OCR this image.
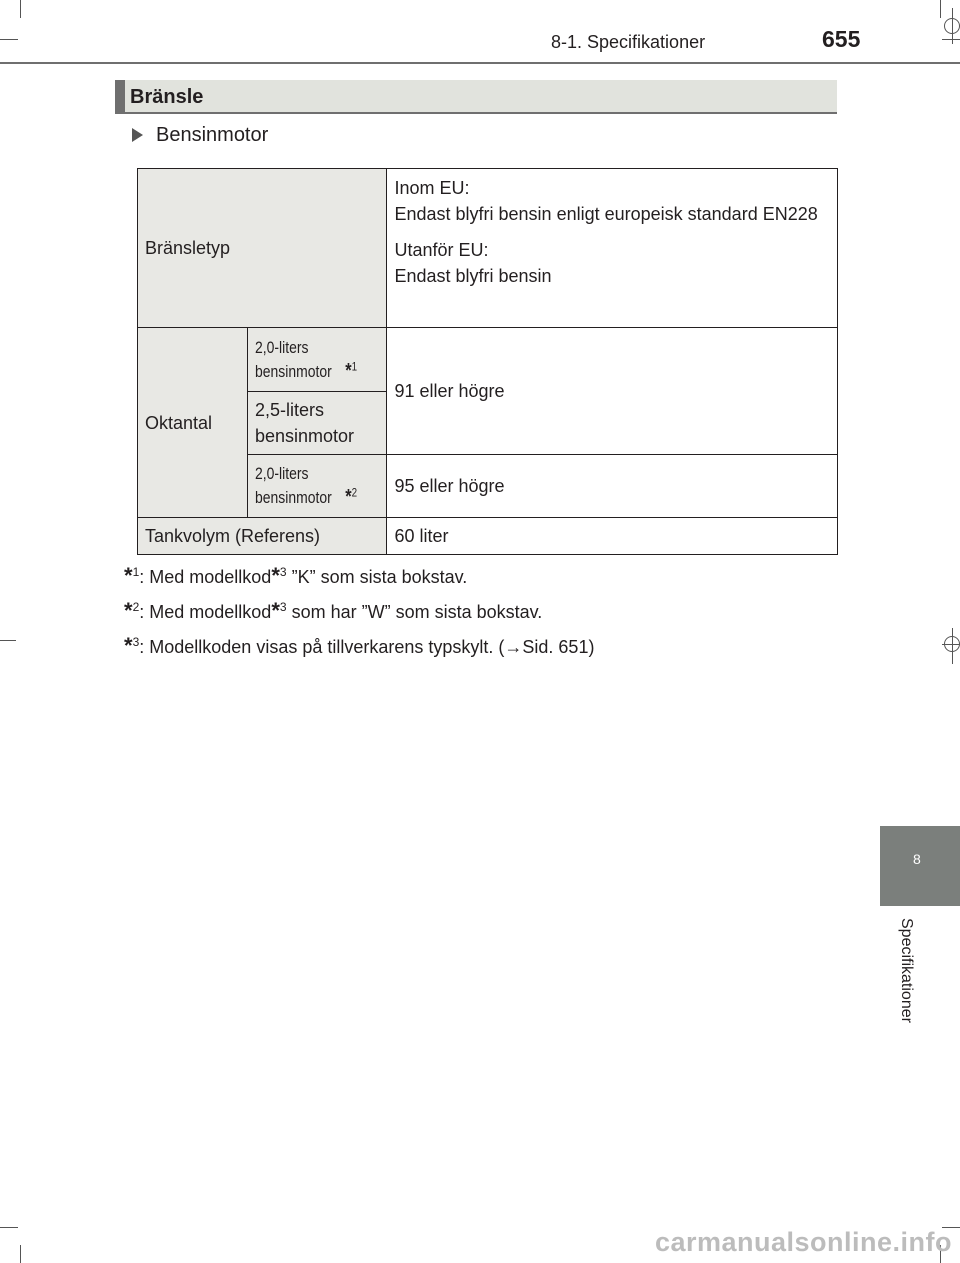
8-1. Specifikationer	655
Bränsle
Bensinmotor
Bränsletyp		Inom EU:
Endast blyfri bensin enligt europeisk standard EN228
Utanför EU:
Endast blyfri bensin

Oktantal	2,0-liters bensinmotor *$^1$	91 eller högre
	2,5-liters bensinmotor	
	2,0-liters bensinmotor *$^2$	95 eller högre
Tankvolym (Referens)		60 liter
*$^1$: Med modellkod*$^3$ ”K” som sista bokstav.
*$^2$: Med modellkod*$^3$ som har ”W” som sista bokstav.
*$^3$: Modellkoden visas på tillverkarens typskylt. (→Sid. 651)
8
Specifikationer
carmanualsonline.info
